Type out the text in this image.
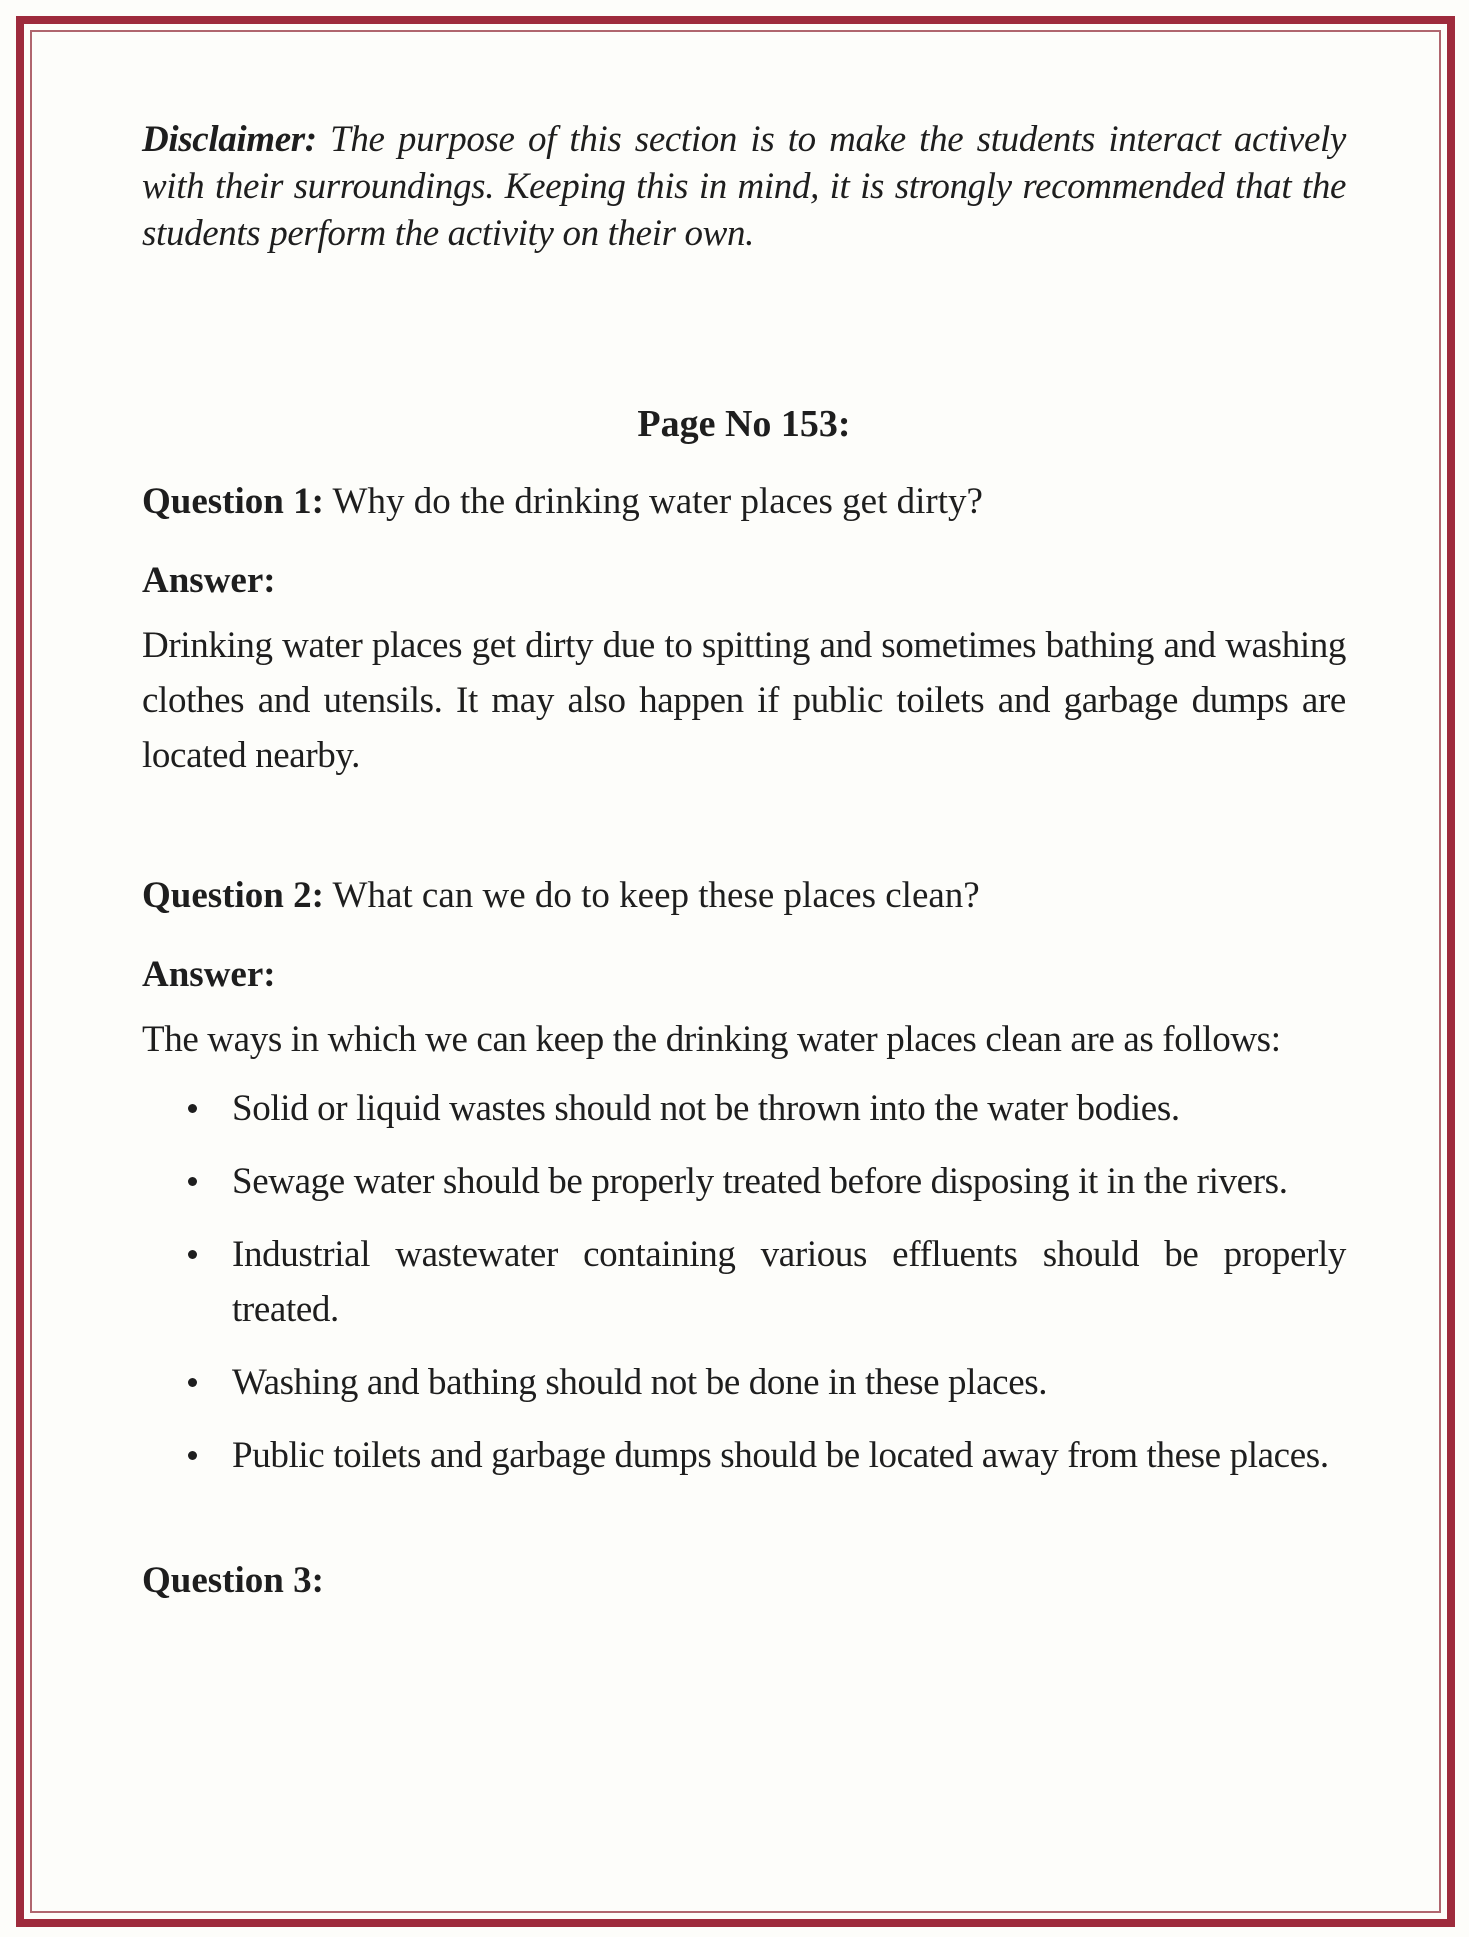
Disclaimer: The purpose of this section is to make the students interact actively with their surroundings. Keeping this in mind, it is strongly recommended that the students perform the activity on their own.

Page No 153:

Question 1: Why do the drinking water places get dirty?

Answer:

Drinking water places get dirty due to spitting and sometimes bathing and washing clothes and utensils. It may also happen if public toilets and garbage dumps are located nearby.

Question 2: What can we do to keep these places clean?

Answer:

The ways in which we can keep the drinking water places clean are as follows:

Solid or liquid wastes should not be thrown into the water bodies.
Sewage water should be properly treated before disposing it in the rivers.
Industrial wastewater containing various effluents should be properly treated.
Washing and bathing should not be done in these places.
Public toilets and garbage dumps should be located away from these places.

Question 3:
